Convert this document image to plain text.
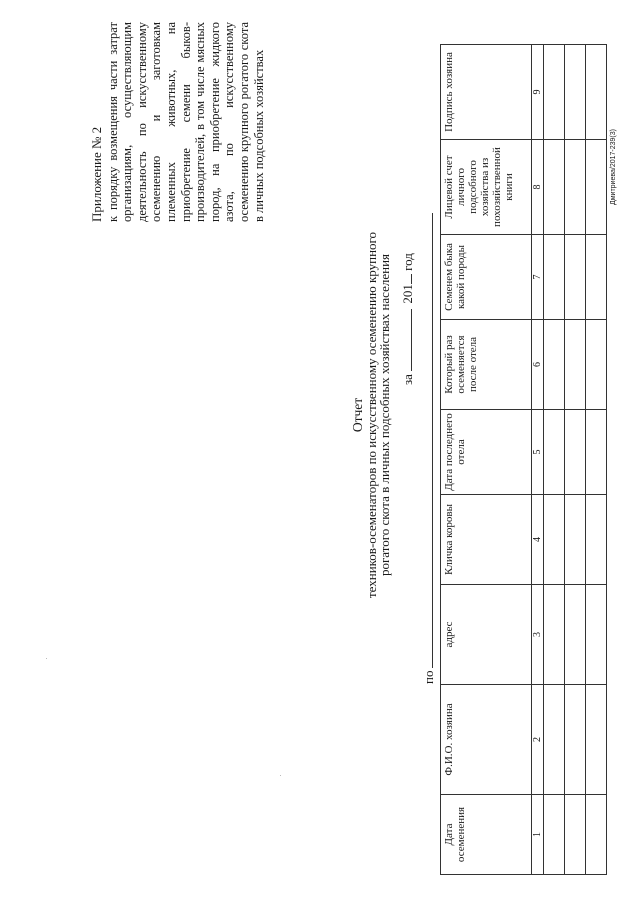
Приложение № 2 к порядку возмещения части затрат организациям, осуществляющим деятельность по искусственному осеменению и заготовкам племенных животных, на приобретение семени быков-производителей, в том числе мясных пород, на приобретение жидкого азота, по искусственному осеменению крупного рогатого скота в личных подсобных хозяйствах
Отчет
техников-осеменаторов по искусственному осеменению крупного
рогатого скота в личных подсобных хозяйствах населения за  201 год
по
Дата осеменения	Ф.И.О. хозяина	адрес	Кличка коровы	Дата последнего отела	Который раз осеменяется после отела	Семенем быка какой породы	Лицевой счет личного подсобного хозяйства из похозяйственной книги	Подпись хозяина
1	2	3	4	5	6	7	8	9

Дмитриева/2017-239(3)
